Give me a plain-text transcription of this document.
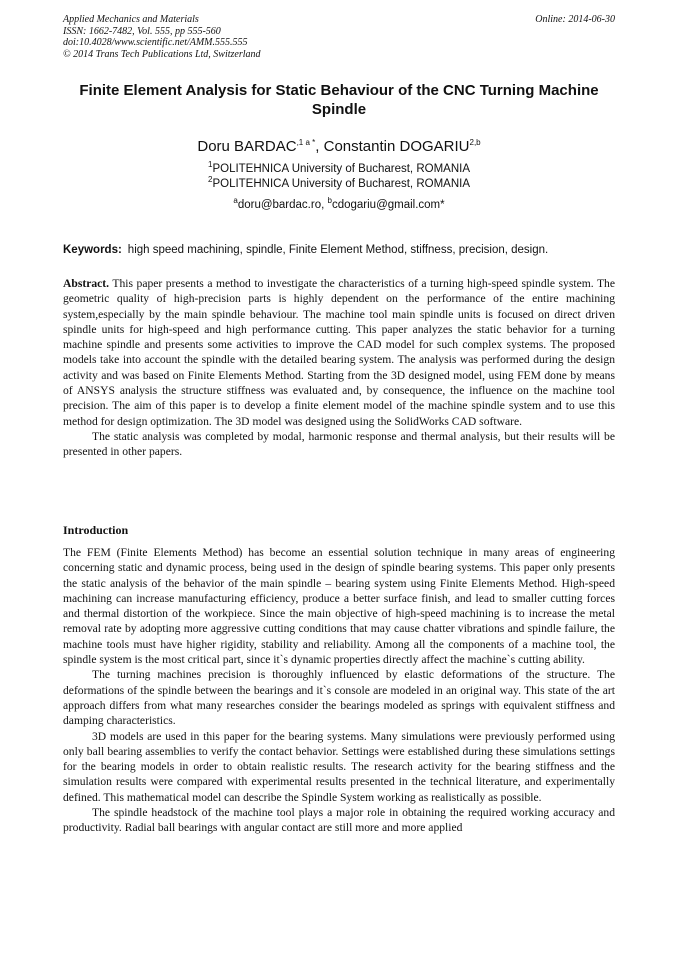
Applied Mechanics and Materials
ISSN: 1662-7482, Vol. 555, pp 555-560
doi:10.4028/www.scientific.net/AMM.555.555
© 2014 Trans Tech Publications Ltd, Switzerland
Online: 2014-06-30
Finite Element Analysis for Static Behaviour of the CNC Turning Machine Spindle
Doru $BARDAC^{,1 a *}$, Constantin DOGARIU$^{2,b}$
$^1$POLITEHNICA University of Bucharest, ROMANIA
$^2$POLITEHNICA University of Bucharest, ROMANIA
$^a$doru@bardac.ro, $^b$cdogariu@gmail.com*
Keywords: high speed machining, spindle, Finite Element Method, stiffness, precision, design.

Abstract. This paper presents a method to investigate the characteristics of a turning high-speed spindle system. The geometric quality of high-precision parts is highly dependent on the performance of the entire machining system,especially by the main spindle behaviour. The machine tool main spindle units is focused on direct driven spindle units for high-speed and high performance cutting. This paper analyzes the static behavior for a turning machine spindle and presents some activities to improve the CAD model for such complex systems. The proposed models take into account the spindle with the detailed bearing system. The analysis was performed during the design activity and was based on Finite Elements Method. Starting from the 3D designed model, using FEM done by means of ANSYS analysis the structure stiffness was evaluated and, by consequence, the influence on the machine tool precision. The aim of this paper is to develop a finite element model of the machine spindle system and to use this method for design optimization. The 3D model was designed using the SolidWorks CAD software.

The static analysis was completed by modal, harmonic response and thermal analysis, but their results will be presented in other papers.

Introduction

The FEM (Finite Elements Method) has become an essential solution technique in many areas of engineering concerning static and dynamic process, being used in the design of spindle bearing systems. This paper only presents the static analysis of the behavior of the main spindle – bearing system using Finite Elements Method. High-speed machining can increase manufacturing efficiency, produce a better surface finish, and lead to smaller cutting forces and thermal distortion of the workpiece. Since the main objective of high-speed machining is to increase the metal removal rate by adopting more aggressive cutting conditions that may cause chatter vibrations and spindle failure, the machine tools must have higher rigidity, stability and reliability. Among all the components of a machine tool, the spindle system is the most critical part, since it`s dynamic properties directly affect the machine`s cutting ability.

The turning machines precision is thoroughly influenced by elastic deformations of the structure. The deformations of the spindle between the bearings and it`s console are modeled in an original way. This state of the art approach differs from what many researches consider the bearings modeled as springs with equivalent stiffness and damping characteristics.

3D models are used in this paper for the bearing systems. Many simulations were previously performed using only ball bearing assemblies to verify the contact behavior. Settings were established during these simulations settings for the bearing models in order to obtain realistic results. The research activity for the bearing stiffness and the simulation results were compared with experimental results presented in the technical literature, and experimentally defined. This mathematical model can describe the Spindle System working as realistically as possible.

The spindle headstock of the machine tool plays a major role in obtaining the required working accuracy and productivity. Radial ball bearings with angular contact are still more and more applied
